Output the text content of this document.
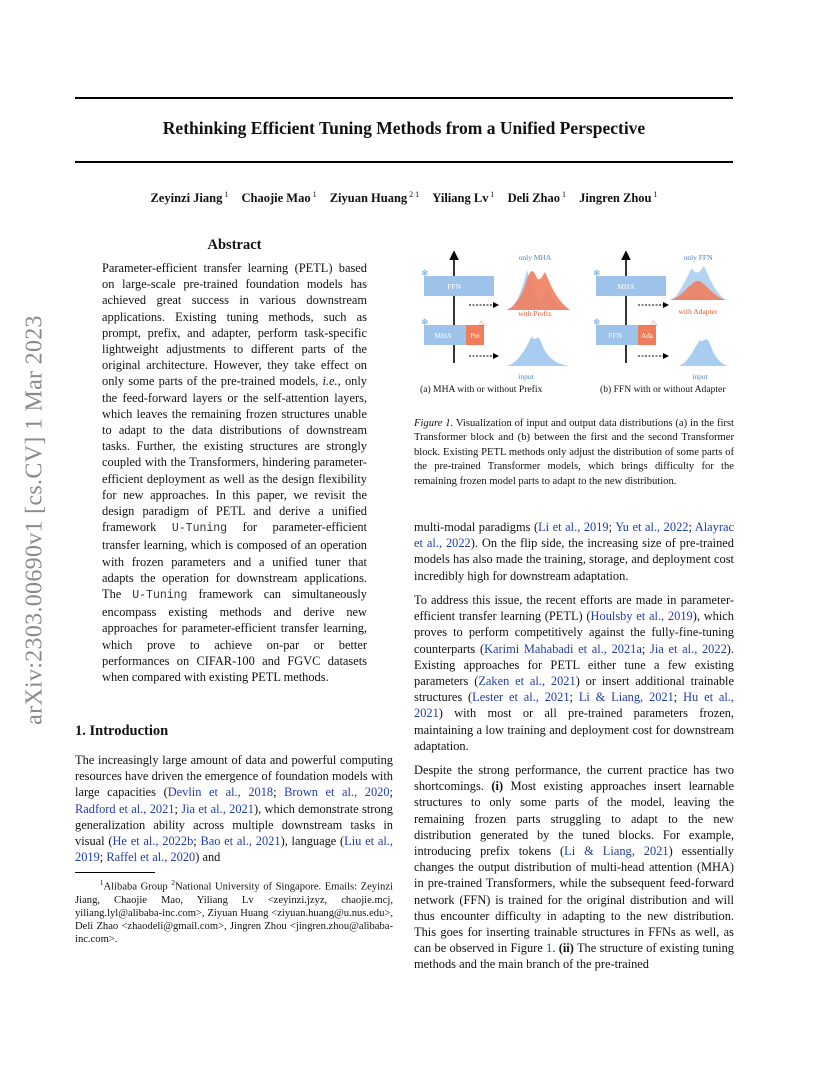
Rethinking Efficient Tuning Methods from a Unified Perspective
Zeyinzi Jiang $^1$ Chaojie Mao $^1$ Ziyuan Huang $^{2 1}$ Yiliang Lv $^1$ Deli Zhao $^1$ Jingren Zhou $^1$
arXiv:2303.00690v1 [cs.CV] 1 Mar 2023
Abstract
Parameter-efficient transfer learning (PETL) based on large-scale pre-trained foundation models has achieved great success in various downstream applications. Existing tuning methods, such as prompt, prefix, and adapter, perform task-specific lightweight adjustments to different parts of the original architecture. However, they take effect on only some parts of the pre-trained models, i.e., only the feed-forward layers or the self-attention layers, which leaves the remaining frozen structures unable to adapt to the data distributions of downstream tasks. Further, the existing structures are strongly coupled with the Transformers, hindering parameter-efficient deployment as well as the design flexibility for new approaches. In this paper, we revisit the design paradigm of PETL and derive a unified framework U-Tuning for parameter-efficient transfer learning, which is composed of an operation with frozen parameters and a unified tuner that adapts the operation for downstream applications. The U-Tuning framework can simultaneously encompass existing methods and derive new approaches for parameter-efficient transfer learning, which prove to achieve on-par or better performances on CIFAR-100 and FGVC datasets when compared with existing PETL methods.
1. Introduction
The increasingly large amount of data and powerful computing resources have driven the emergence of foundation models with large capacities (Devlin et al., 2018; Brown et al., 2020; Radford et al., 2021; Jia et al., 2021), which demonstrate strong generalization ability across multiple downstream tasks in visual (He et al., 2022b; Bao et al., 2021), language (Liu et al., 2019; Raffel et al., 2020) and
$^1$Alibaba Group $^2$National University of Singapore. Emails: Zeyinzi Jiang, Chaojie Mao, Yiliang Lv <zeyinzi.jzyz, chaojie.mcj, yiliang.lyl@alibaba-inc.com>, Ziyuan Huang <ziyuan.huang@u.nus.edu>, Deli Zhao <zhaodeli@gmail.com>, Jingren Zhou <jingren.zhou@alibaba-inc.com>.
FFN
MHA	Pre
❄
❄	♨
only MHA
with Prefix
input
MHA
FFN	Ada
❄
❄	♨
only FFN
with Adapter
input
(a) MHA with or without Prefix	(b) FFN with or without Adapter
Figure 1. Visualization of input and output data distributions (a) in the first Transformer block and (b) between the first and the second Transformer block. Existing PETL methods only adjust the distribution of some parts of the pre-trained Transformer models, which brings difficulty for the remaining frozen model parts to adapt to the new distribution.
multi-modal paradigms (Li et al., 2019; Yu et al., 2022; Alayrac et al., 2022). On the flip side, the increasing size of pre-trained models has also made the training, storage, and deployment cost incredibly high for downstream adaptation.
To address this issue, the recent efforts are made in parameter-efficient transfer learning (PETL) (Houlsby et al., 2019), which proves to perform competitively against the fully-fine-tuning counterparts (Karimi Mahabadi et al., 2021a; Jia et al., 2022). Existing approaches for PETL either tune a few existing parameters (Zaken et al., 2021) or insert additional trainable structures (Lester et al., 2021; Li & Liang, 2021; Hu et al., 2021) with most or all pre-trained parameters frozen, maintaining a low training and deployment cost for downstream adaptation.
Despite the strong performance, the current practice has two shortcomings. (i) Most existing approaches insert learnable structures to only some parts of the model, leaving the remaining frozen parts struggling to adapt to the new distribution generated by the tuned blocks. For example, introducing prefix tokens (Li & Liang, 2021) essentially changes the output distribution of multi-head attention (MHA) in pre-trained Transformers, while the subsequent feed-forward network (FFN) is trained for the original distribution and will thus encounter difficulty in adapting to the new distribution. This goes for inserting trainable structures in FFNs as well, as can be observed in Figure 1. (ii) The structure of existing tuning methods and the main branch of the pre-trained
